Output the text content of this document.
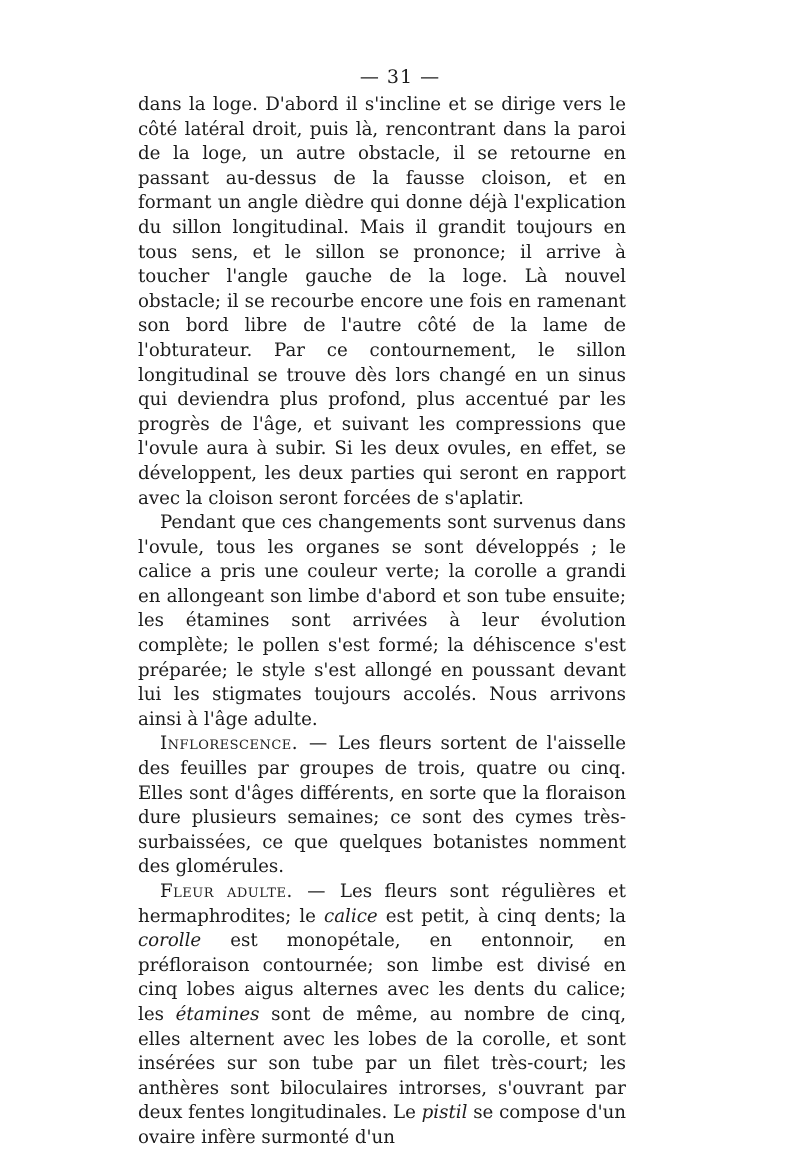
— 31 —

dans la loge. D'abord il s'incline et se dirige vers le côté latéral droit, puis là, rencontrant dans la paroi de la loge, un autre obstacle, il se retourne en passant au-dessus de la fausse cloison, et en formant un angle dièdre qui donne déjà l'explication du sillon longitudinal. Mais il grandit toujours en tous sens, et le sillon se prononce; il arrive à toucher l'angle gauche de la loge. Là nouvel obstacle; il se recourbe encore une fois en ramenant son bord libre de l'autre côté de la lame de l'obturateur. Par ce contournement, le sillon longitudinal se trouve dès lors changé en un sinus qui deviendra plus profond, plus accentué par les progrès de l'âge, et suivant les compressions que l'ovule aura à subir. Si les deux ovules, en effet, se développent, les deux parties qui seront en rapport avec la cloison seront forcées de s'aplatir.

Pendant que ces changements sont survenus dans l'ovule, tous les organes se sont développés ; le calice a pris une couleur verte; la corolle a grandi en allongeant son limbe d'abord et son tube ensuite; les étamines sont arrivées à leur évolution complète; le pollen s'est formé; la déhiscence s'est préparée; le style s'est allongé en poussant devant lui les stigmates toujours accolés. Nous arrivons ainsi à l'âge adulte.

Inflorescence. — Les fleurs sortent de l'aisselle des feuilles par groupes de trois, quatre ou cinq. Elles sont d'âges différents, en sorte que la floraison dure plusieurs semaines; ce sont des cymes très-surbaissées, ce que quelques botanistes nomment des glomérules.

Fleur adulte. — Les fleurs sont régulières et hermaphrodites; le calice est petit, à cinq dents; la corolle est monopétale, en entonnoir, en préfloraison contournée; son limbe est divisé en cinq lobes aigus alternes avec les dents du calice; les étamines sont de même, au nombre de cinq, elles alternent avec les lobes de la corolle, et sont insérées sur son tube par un filet très-court; les anthères sont biloculaires introrses, s'ouvrant par deux fentes longitudinales. Le pistil se compose d'un ovaire infère surmonté d'un
